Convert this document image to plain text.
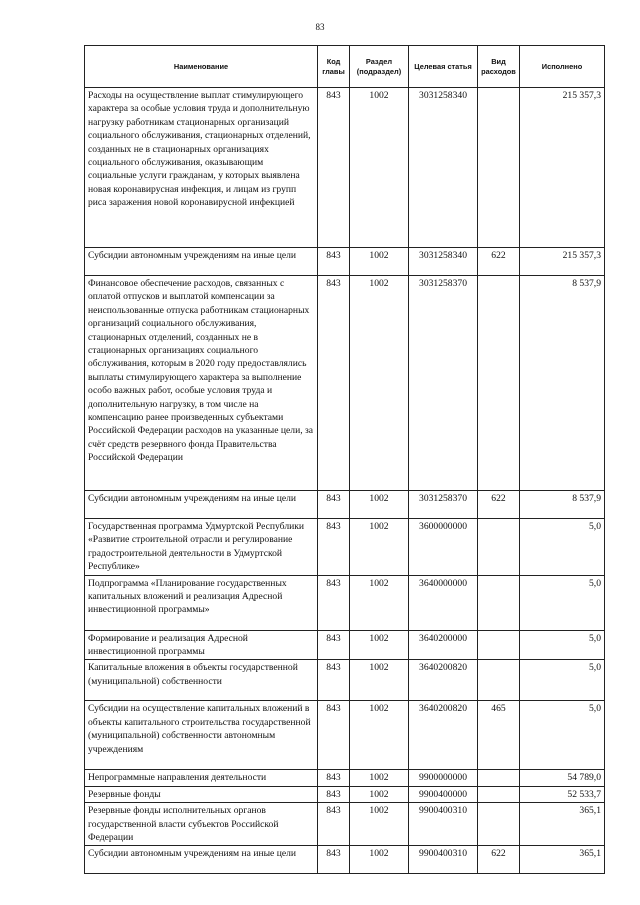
83
Наименование	Код главы	Раздел (подраздел)	Целевая статья	Вид расходов	Исполнено
Расходы на осуществление выплат стимулирующего характера за особые условия труда и дополнительную нагрузку работникам стационарных организаций социального обслуживания, стационарных отделений, созданных не в стационарных организациях социального обслуживания, оказывающим социальные услуги гражданам, у которых выявлена новая коронавирусная инфекция, и лицам из групп риса заражения новой коронавирусной инфекцией	843	1002	3031258340		215 357,3
Субсидии автономным учреждениям на иные цели	843	1002	3031258340	622	215 357,3
Финансовое обеспечение расходов, связанных с оплатой отпусков и выплатой компенсации за неиспользованные отпуска работникам стационарных организаций социального обслуживания, стационарных отделений, созданных не в стационарных организациях социального обслуживания, которым в 2020 году предоставлялись выплаты стимулирующего характера за выполнение особо важных работ, особые условия труда и дополнительную нагрузку, в том числе на компенсацию ранее произведенных субъектами Российской Федерации расходов на указанные цели, за счёт средств резервного фонда Правительства Российской Федерации	843	1002	3031258370		8 537,9
Субсидии автономным учреждениям на иные цели	843	1002	3031258370	622	8 537,9
Государственная программа Удмуртской Республики «Развитие строительной отрасли и регулирование градостроительной деятельности в Удмуртской Республике»	843	1002	3600000000		5,0
Подпрограмма «Планирование государственных капитальных вложений и реализация Адресной инвестиционной программы»	843	1002	3640000000		5,0
Формирование и реализация Адресной инвестиционной программы	843	1002	3640200000		5,0
Капитальные вложения в объекты государственной (муниципальной) собственности	843	1002	3640200820		5,0
Субсидии на осуществление капитальных вложений в объекты капитального строительства государственной (муниципальной) собственности автономным учреждениям	843	1002	3640200820	465	5,0
Непрограммные направления деятельности	843	1002	9900000000		54 789,0
Резервные фонды	843	1002	9900400000		52 533,7
Резервные фонды исполнительных органов государственной власти субъектов Российской Федерации	843	1002	9900400310		365,1
Субсидии автономным учреждениям на иные цели	843	1002	9900400310	622	365,1
